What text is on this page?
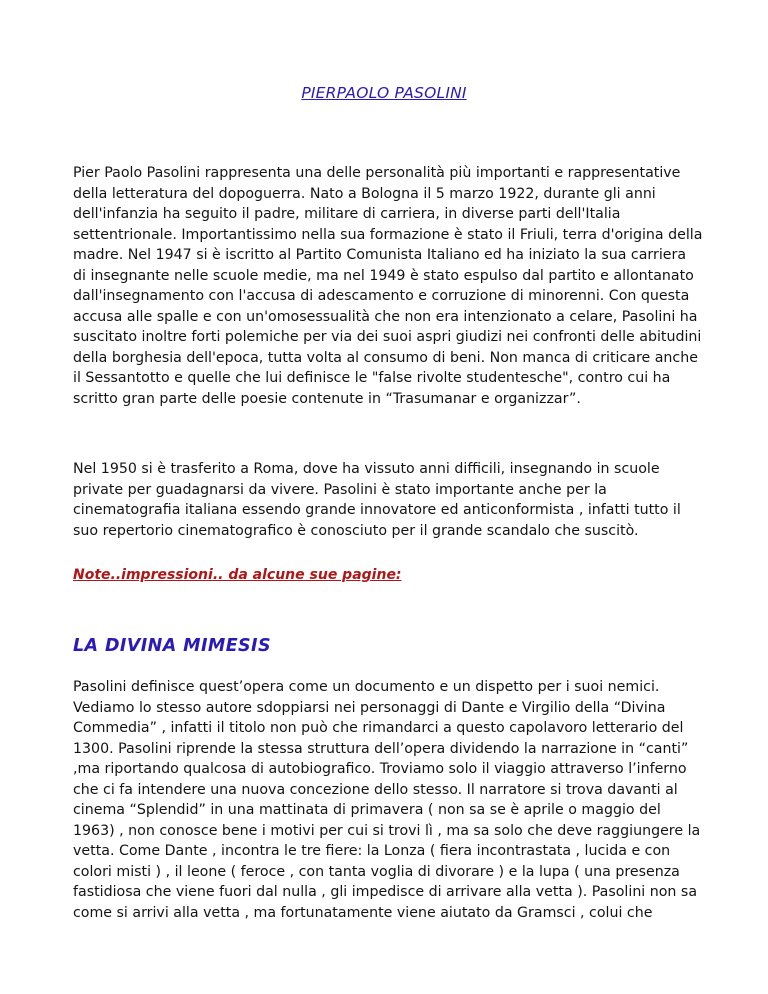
PIERPAOLO PASOLINI

Pier Paolo Pasolini rappresenta una delle personalità più importanti e rappresentative della letteratura del dopoguerra. Nato a Bologna il 5 marzo 1922, durante gli anni dell'infanzia ha seguito il padre, militare di carriera, in diverse parti dell'Italia settentrionale. Importantissimo nella sua formazione è stato il Friuli, terra d'origina della madre. Nel 1947 si è iscritto al Partito Comunista Italiano ed ha iniziato la sua carriera di insegnante nelle scuole medie, ma nel 1949 è stato espulso dal partito e allontanato dall'insegnamento con l'accusa di adescamento e corruzione di minorenni. Con questa accusa alle spalle e con un'omosessualità che non era intenzionato a celare, Pasolini ha suscitato inoltre forti polemiche per via dei suoi aspri giudizi nei confronti delle abitudini della borghesia dell'epoca, tutta volta al consumo di beni. Non manca di criticare anche il Sessantotto e quelle che lui definisce le "false rivolte studentesche", contro cui ha scritto gran parte delle poesie contenute in “Trasumanar e organizzar”.

Nel 1950 si è trasferito a Roma, dove ha vissuto anni difficili, insegnando in scuole private per guadagnarsi da vivere. Pasolini è stato importante anche per la cinematografia italiana essendo grande innovatore ed anticonformista , infatti tutto il suo repertorio cinematografico è conosciuto per il grande scandalo che suscitò.

Note..impressioni.. da alcune sue pagine:
LA DIVINA MIMESIS

Pasolini definisce quest’opera come un documento e un dispetto per i suoi nemici. Vediamo lo stesso autore sdoppiarsi nei personaggi di Dante e Virgilio della “Divina Commedia” , infatti il titolo non può che rimandarci a questo capolavoro letterario del 1300. Pasolini riprende la stessa struttura dell’opera dividendo la narrazione in “canti” ,ma riportando qualcosa di autobiografico. Troviamo solo il viaggio attraverso l’inferno che ci fa intendere una nuova concezione dello stesso. Il narratore si trova davanti al cinema “Splendid” in una mattinata di primavera ( non sa se è aprile o maggio del 1963) , non conosce bene i motivi per cui si trovi lì , ma sa solo che deve raggiungere la vetta. Come Dante , incontra le tre fiere: la Lonza ( fiera incontrastata , lucida e con colori misti ) , il leone ( feroce , con tanta voglia di divorare ) e la lupa ( una presenza fastidiosa che viene fuori dal nulla , gli impedisce di arrivare alla vetta ). Pasolini non sa come si arrivi alla vetta , ma fortunatamente viene aiutato da Gramsci , colui che
